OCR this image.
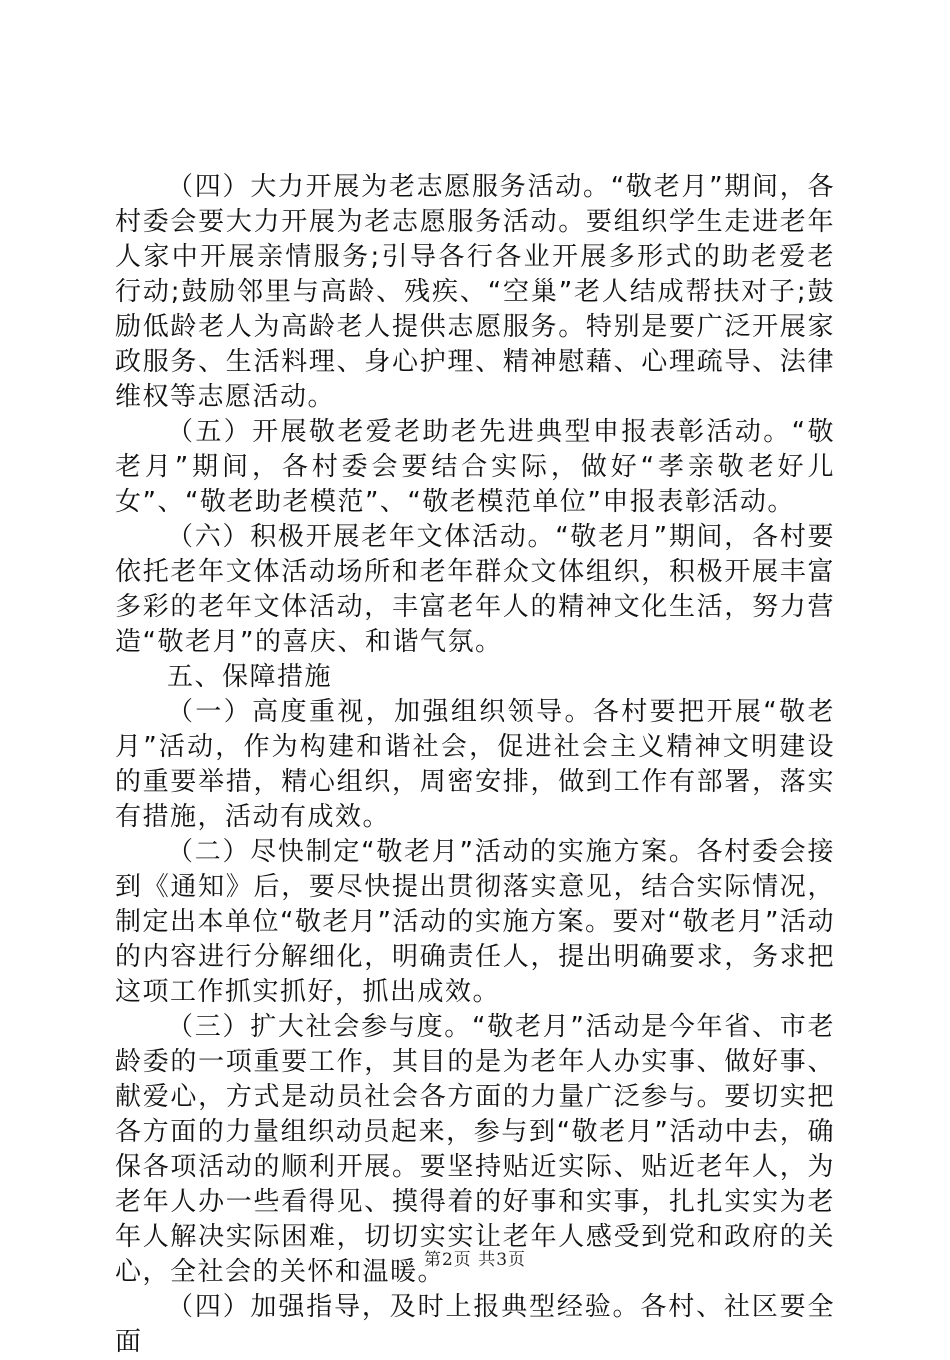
（四）大力开展为老志愿服务活动。“敬老月”期间，各村委会要大力开展为老志愿服务活动。要组织学生走进老年人家中开展亲情服务;引导各行各业开展多形式的助老爱老行动;鼓励邻里与高龄、残疾、“空巢”老人结成帮扶对子;鼓励低龄老人为高龄老人提供志愿服务。特别是要广泛开展家政服务、生活料理、身心护理、精神慰藉、心理疏导、法律维权等志愿活动。

（五）开展敬老爱老助老先进典型申报表彰活动。“敬老月”期间，各村委会要结合实际，做好“孝亲敬老好儿女”、“敬老助老模范”、“敬老模范单位”申报表彰活动。

（六）积极开展老年文体活动。“敬老月”期间，各村要依托老年文体活动场所和老年群众文体组织，积极开展丰富多彩的老年文体活动，丰富老年人的精神文化生活，努力营造“敬老月”的喜庆、和谐气氛。

五、保障措施

（一）高度重视，加强组织领导。各村要把开展“敬老月”活动，作为构建和谐社会，促进社会主义精神文明建设的重要举措，精心组织，周密安排，做到工作有部署，落实有措施，活动有成效。

（二）尽快制定“敬老月”活动的实施方案。各村委会接到《通知》后，要尽快提出贯彻落实意见，结合实际情况，制定出本单位“敬老月”活动的实施方案。要对“敬老月”活动的内容进行分解细化，明确责任人，提出明确要求，务求把这项工作抓实抓好，抓出成效。

（三）扩大社会参与度。“敬老月”活动是今年省、市老龄委的一项重要工作，其目的是为老年人办实事、做好事、献爱心，方式是动员社会各方面的力量广泛参与。要切实把各方面的力量组织动员起来，参与到“敬老月”活动中去，确保各项活动的顺利开展。要坚持贴近实际、贴近老年人，为老年人办一些看得见、摸得着的好事和实事，扎扎实实为老年人解决实际困难，切切实实让老年人感受到党和政府的关心，全社会的关怀和温暖。

（四）加强指导，及时上报典型经验。各村、社区要全面

第2页 共3页
